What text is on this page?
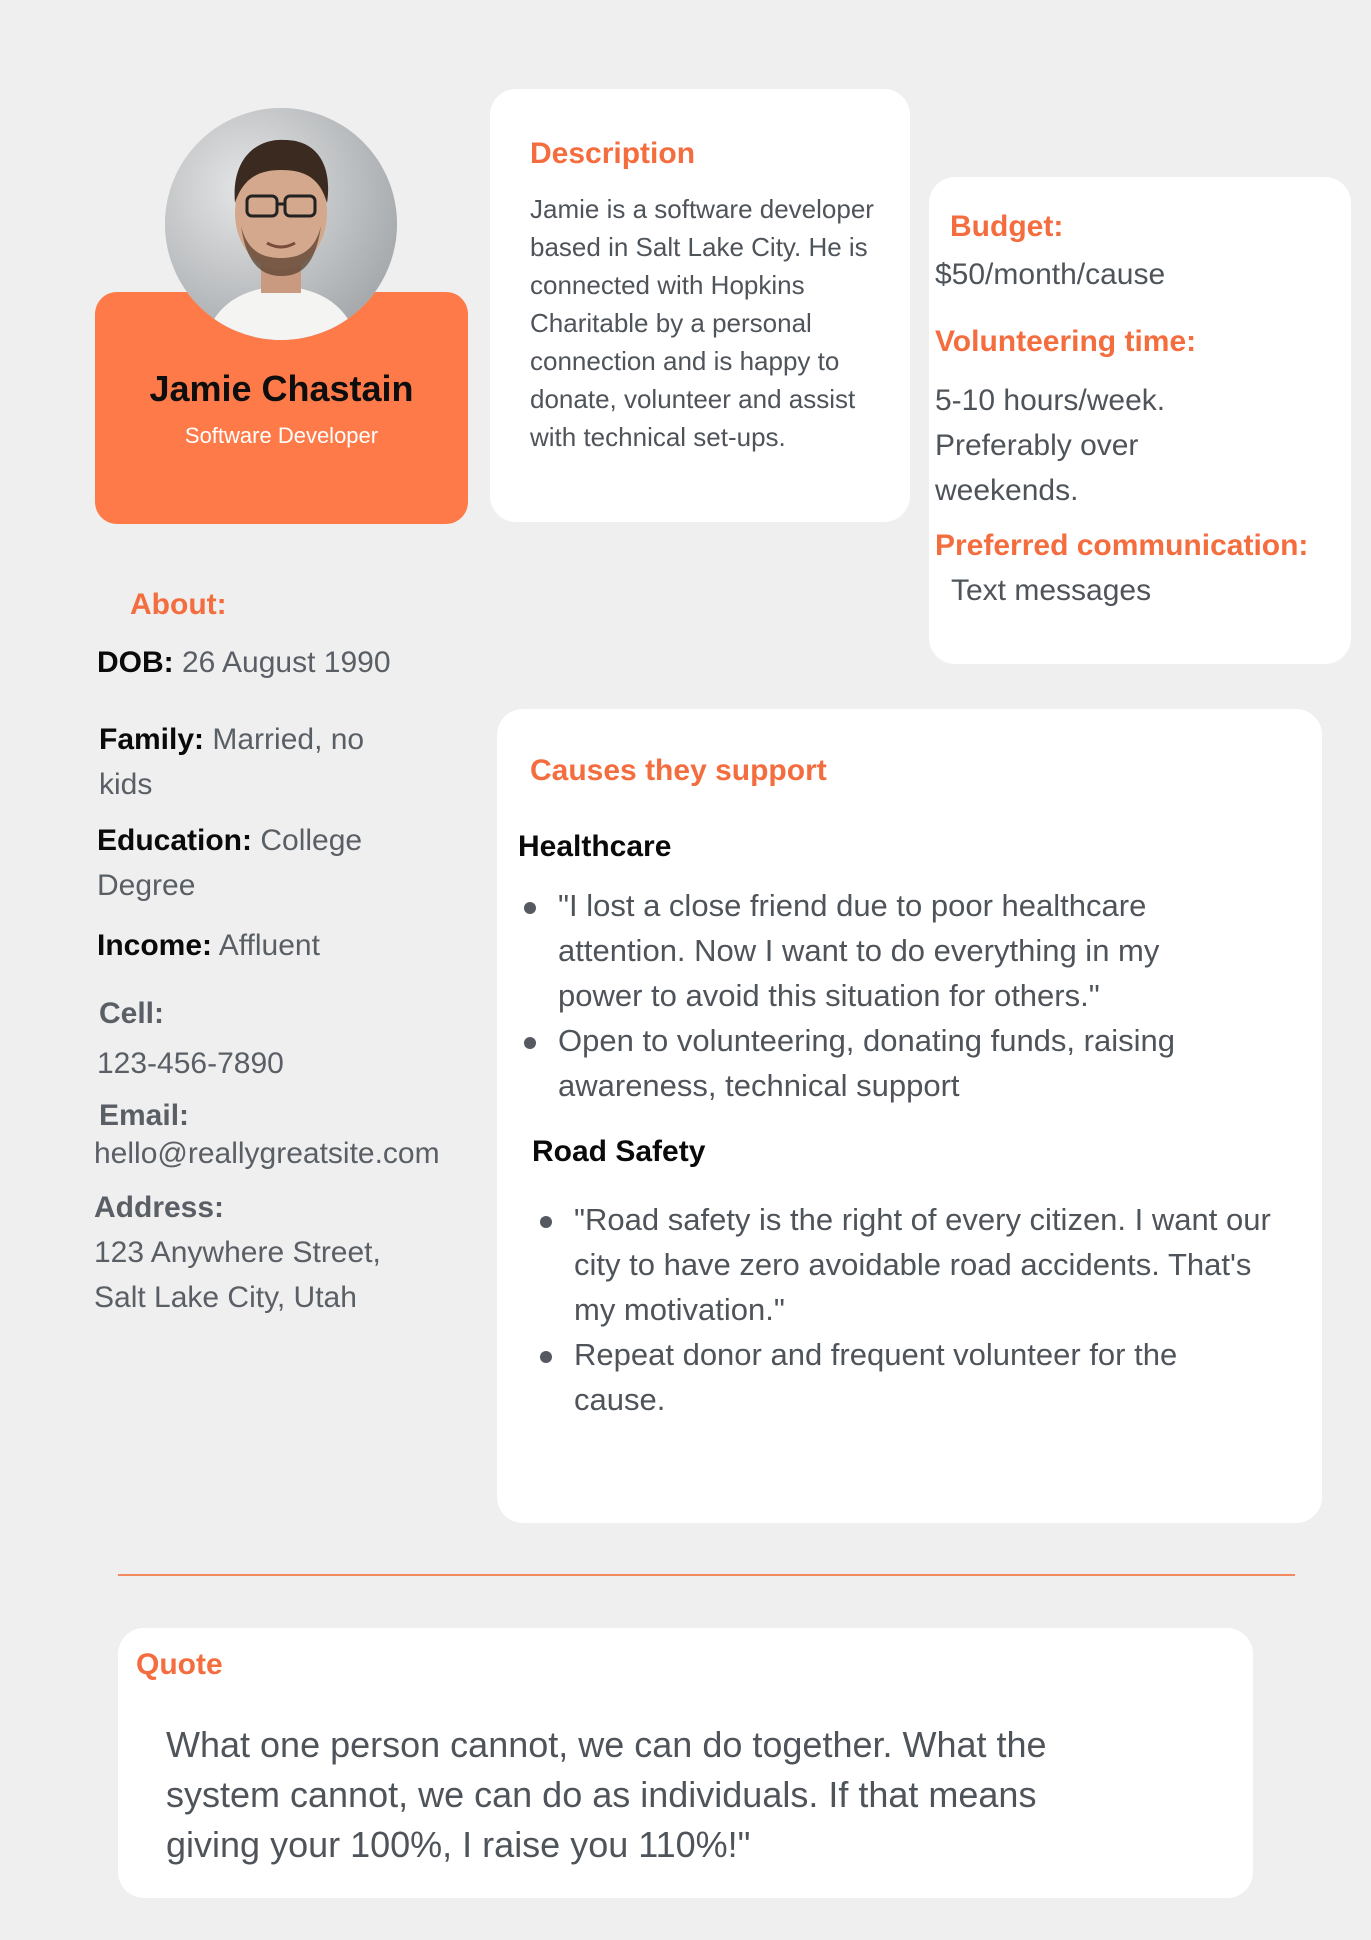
Jamie Chastain
Software Developer
Description
Jamie is a software developer based in Salt Lake City. He is connected with Hopkins Charitable by a personal connection and is happy to donate, volunteer and assist with technical set-ups.
Budget:
$50/month/cause
Volunteering time:
5-10 hours/week. Preferably over weekends.
Preferred communication:
Text messages
About:
DOB: 26 August 1990
Family: Married, no kids
Education: College Degree
Income: Affluent
Cell:
123-456-7890
Email:
hello@reallygreatsite.com
Address:
123 Anywhere Street, Salt Lake City, Utah
Causes they support
Healthcare
"I lost a close friend due to poor healthcare attention. Now I want to do everything in my power to avoid this situation for others."
Open to volunteering, donating funds, raising awareness, technical support
Road Safety
"Road safety is the right of every citizen. I want our city to have zero avoidable road accidents. That's my motivation."
Repeat donor and frequent volunteer for the cause.
Quote
What one person cannot, we can do together. What the system cannot, we can do as individuals. If that means giving your 100%, I raise you 110%!"
